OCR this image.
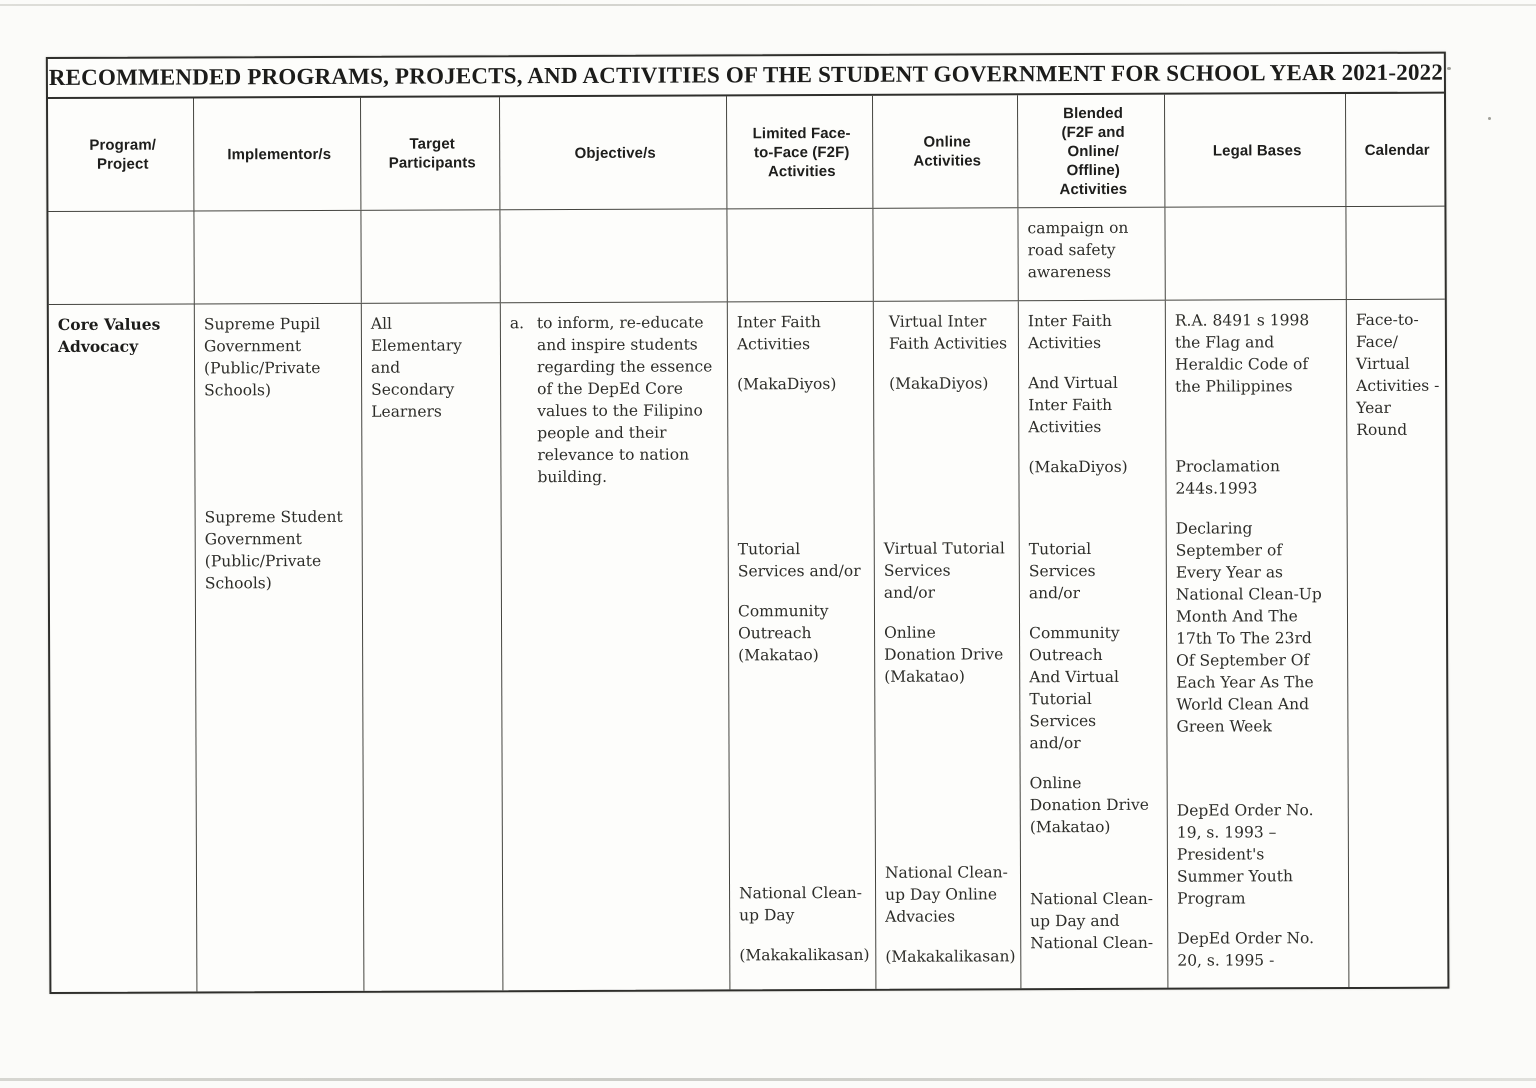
RECOMMENDED PROGRAMS, PROJECTS, AND ACTIVITIES OF THE STUDENT GOVERNMENT FOR SCHOOL YEAR 2021-2022
Program/
Project
Implementor/s
Target
Participants
Objective/s
Limited Face-
to-Face (F2F)
Activities
Online
Activities
Blended
(F2F and
Online/
Offline)
Activities
Legal Bases	Calendar

campaign on
road safety
awareness

Core Values
Advocacy

Supreme Pupil
Government
(Public/Private
Schools)

Supreme Student
Government
(Public/Private
Schools)

All
Elementary
and
Secondary
Learners

a. to inform, re-educate
and inspire students
regarding the essence
of the DepEd Core
values to the Filipino
people and their
relevance to nation
building.

Inter Faith
Activities

(MakaDiyos)

Tutorial
Services and/or

Community
Outreach
(Makatao)

National Clean-
up Day

(Makakalikasan)

Virtual Inter
Faith Activities

(MakaDiyos)

Virtual Tutorial
Services
and/or

Online
Donation Drive
(Makatao)

National Clean-
up Day Online
Advacies

(Makakalikasan)

Inter Faith
Activities

And Virtual
Inter Faith
Activities

(MakaDiyos)

Tutorial
Services
and/or

Community
Outreach
And Virtual
Tutorial
Services
and/or

Online
Donation Drive
(Makatao)

National Clean-
up Day and
National Clean-

R.A. 8491 s 1998
the Flag and
Heraldic Code of
the Philippines

Proclamation
244s.1993

Declaring
September of
Every Year as
National Clean-Up
Month And The
17th To The 23rd
Of September Of
Each Year As The
World Clean And
Green Week

DepEd Order No.
19, s. 1993 –
President's
Summer Youth
Program

DepEd Order No.
20, s. 1995 -

Face-to-
Face/
Virtual
Activities -
Year
Round
